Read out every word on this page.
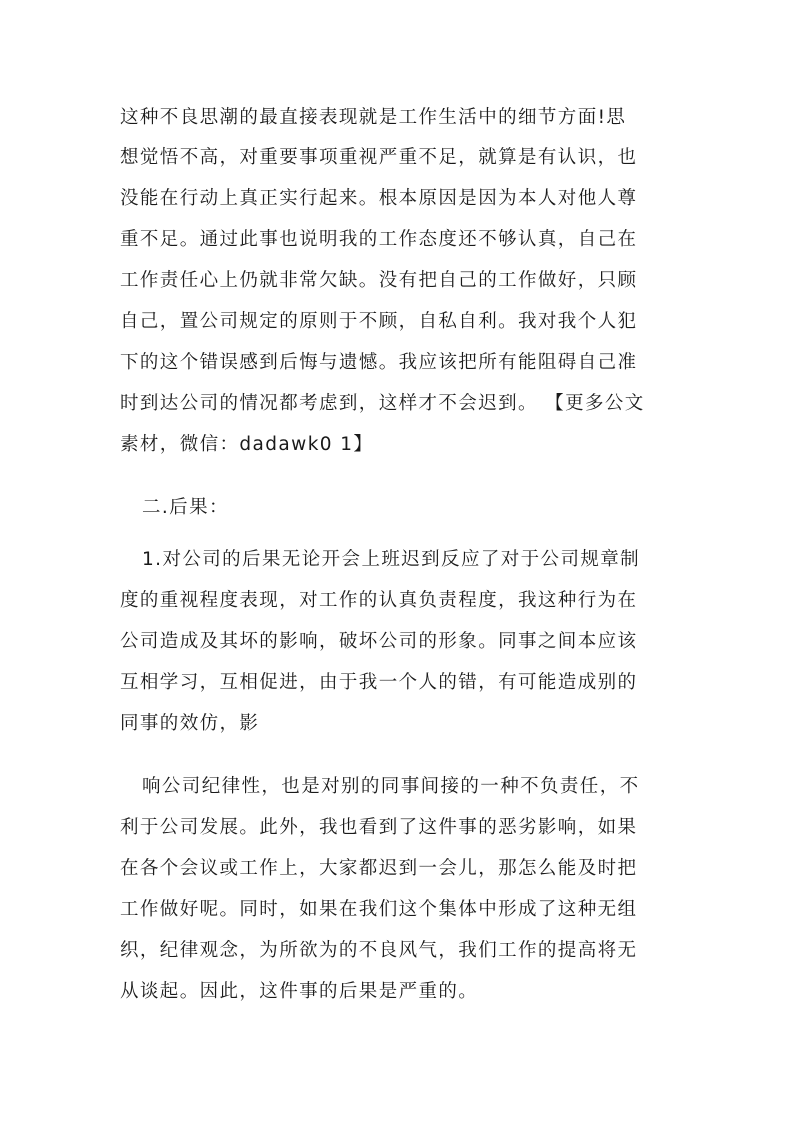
这种不良思潮的最直接表现就是工作生活中的细节方面!思
想觉悟不高，对重要事项重视严重不足，就算是有认识，也
没能在行动上真正实行起来。根本原因是因为本人对他人尊
重不足。通过此事也说明我的工作态度还不够认真，自己在
工作责任心上仍就非常欠缺。没有把自己的工作做好，只顾
自己，置公司规定的原则于不顾，自私自利。我对我个人犯
下的这个错误感到后悔与遗憾。我应该把所有能阻碍自己准
时到达公司的情况都考虑到，这样才不会迟到。 【更多公文
素材，微信：dadawk0 1】
二.后果：
1.对公司的后果无论开会上班迟到反应了对于公司规章制
度的重视程度表现，对工作的认真负责程度，我这种行为在
公司造成及其坏的影响，破坏公司的形象。同事之间本应该
互相学习，互相促进，由于我一个人的错，有可能造成别的
同事的效仿，影
响公司纪律性，也是对别的同事间接的一种不负责任，不
利于公司发展。此外，我也看到了这件事的恶劣影响，如果
在各个会议或工作上，大家都迟到一会儿，那怎么能及时把
工作做好呢。同时，如果在我们这个集体中形成了这种无组
织，纪律观念，为所欲为的不良风气，我们工作的提高将无
从谈起。因此，这件事的后果是严重的。
